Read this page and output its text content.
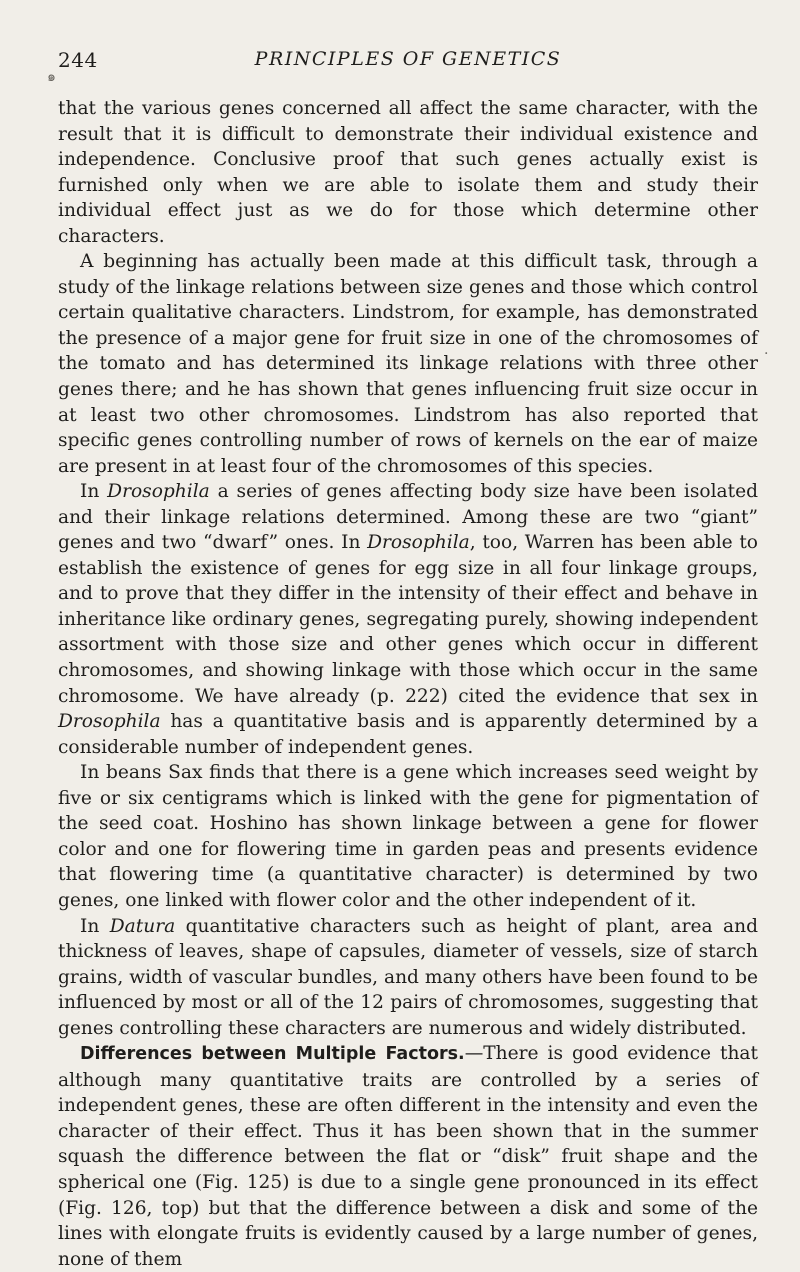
244	PRINCIPLES OF GENETICS
๑
.

that the various genes concerned all affect the same character, with the result that it is difficult to demonstrate their individual existence and independence. Conclusive proof that such genes actually exist is furnished only when we are able to isolate them and study their individual effect just as we do for those which determine other characters.

A beginning has actually been made at this difficult task, through a study of the linkage relations between size genes and those which control certain qualitative characters. Lindstrom, for example, has demonstrated the presence of a major gene for fruit size in one of the chromosomes of the tomato and has determined its linkage relations with three other genes there; and he has shown that genes influencing fruit size occur in at least two other chromosomes. Lindstrom has also reported that specific genes controlling number of rows of kernels on the ear of maize are present in at least four of the chromosomes of this species.

In Drosophila a series of genes affecting body size have been isolated and their linkage relations determined. Among these are two “giant” genes and two “dwarf” ones. In Drosophila, too, Warren has been able to establish the existence of genes for egg size in all four linkage groups, and to prove that they differ in the intensity of their effect and behave in inheritance like ordinary genes, segregating purely, showing independent assortment with those size and other genes which occur in different chromosomes, and showing linkage with those which occur in the same chromosome. We have already (p. 222) cited the evidence that sex in Drosophila has a quantitative basis and is apparently determined by a considerable number of independent genes.

In beans Sax finds that there is a gene which increases seed weight by five or six centigrams which is linked with the gene for pigmentation of the seed coat. Hoshino has shown linkage between a gene for flower color and one for flowering time in garden peas and presents evidence that flowering time (a quantitative character) is determined by two genes, one linked with flower color and the other independent of it.

In Datura quantitative characters such as height of plant, area and thickness of leaves, shape of capsules, diameter of vessels, size of starch grains, width of vascular bundles, and many others have been found to be influenced by most or all of the 12 pairs of chromosomes, suggesting that genes controlling these characters are numerous and widely distributed.

Differences between Multiple Factors.—There is good evidence that although many quantitative traits are controlled by a series of independent genes, these are often different in the intensity and even the character of their effect. Thus it has been shown that in the summer squash the difference between the flat or “disk” fruit shape and the spherical one (Fig. 125) is due to a single gene pronounced in its effect (Fig. 126, top) but that the difference between a disk and some of the lines with elongate fruits is evidently caused by a large number of genes, none of them
